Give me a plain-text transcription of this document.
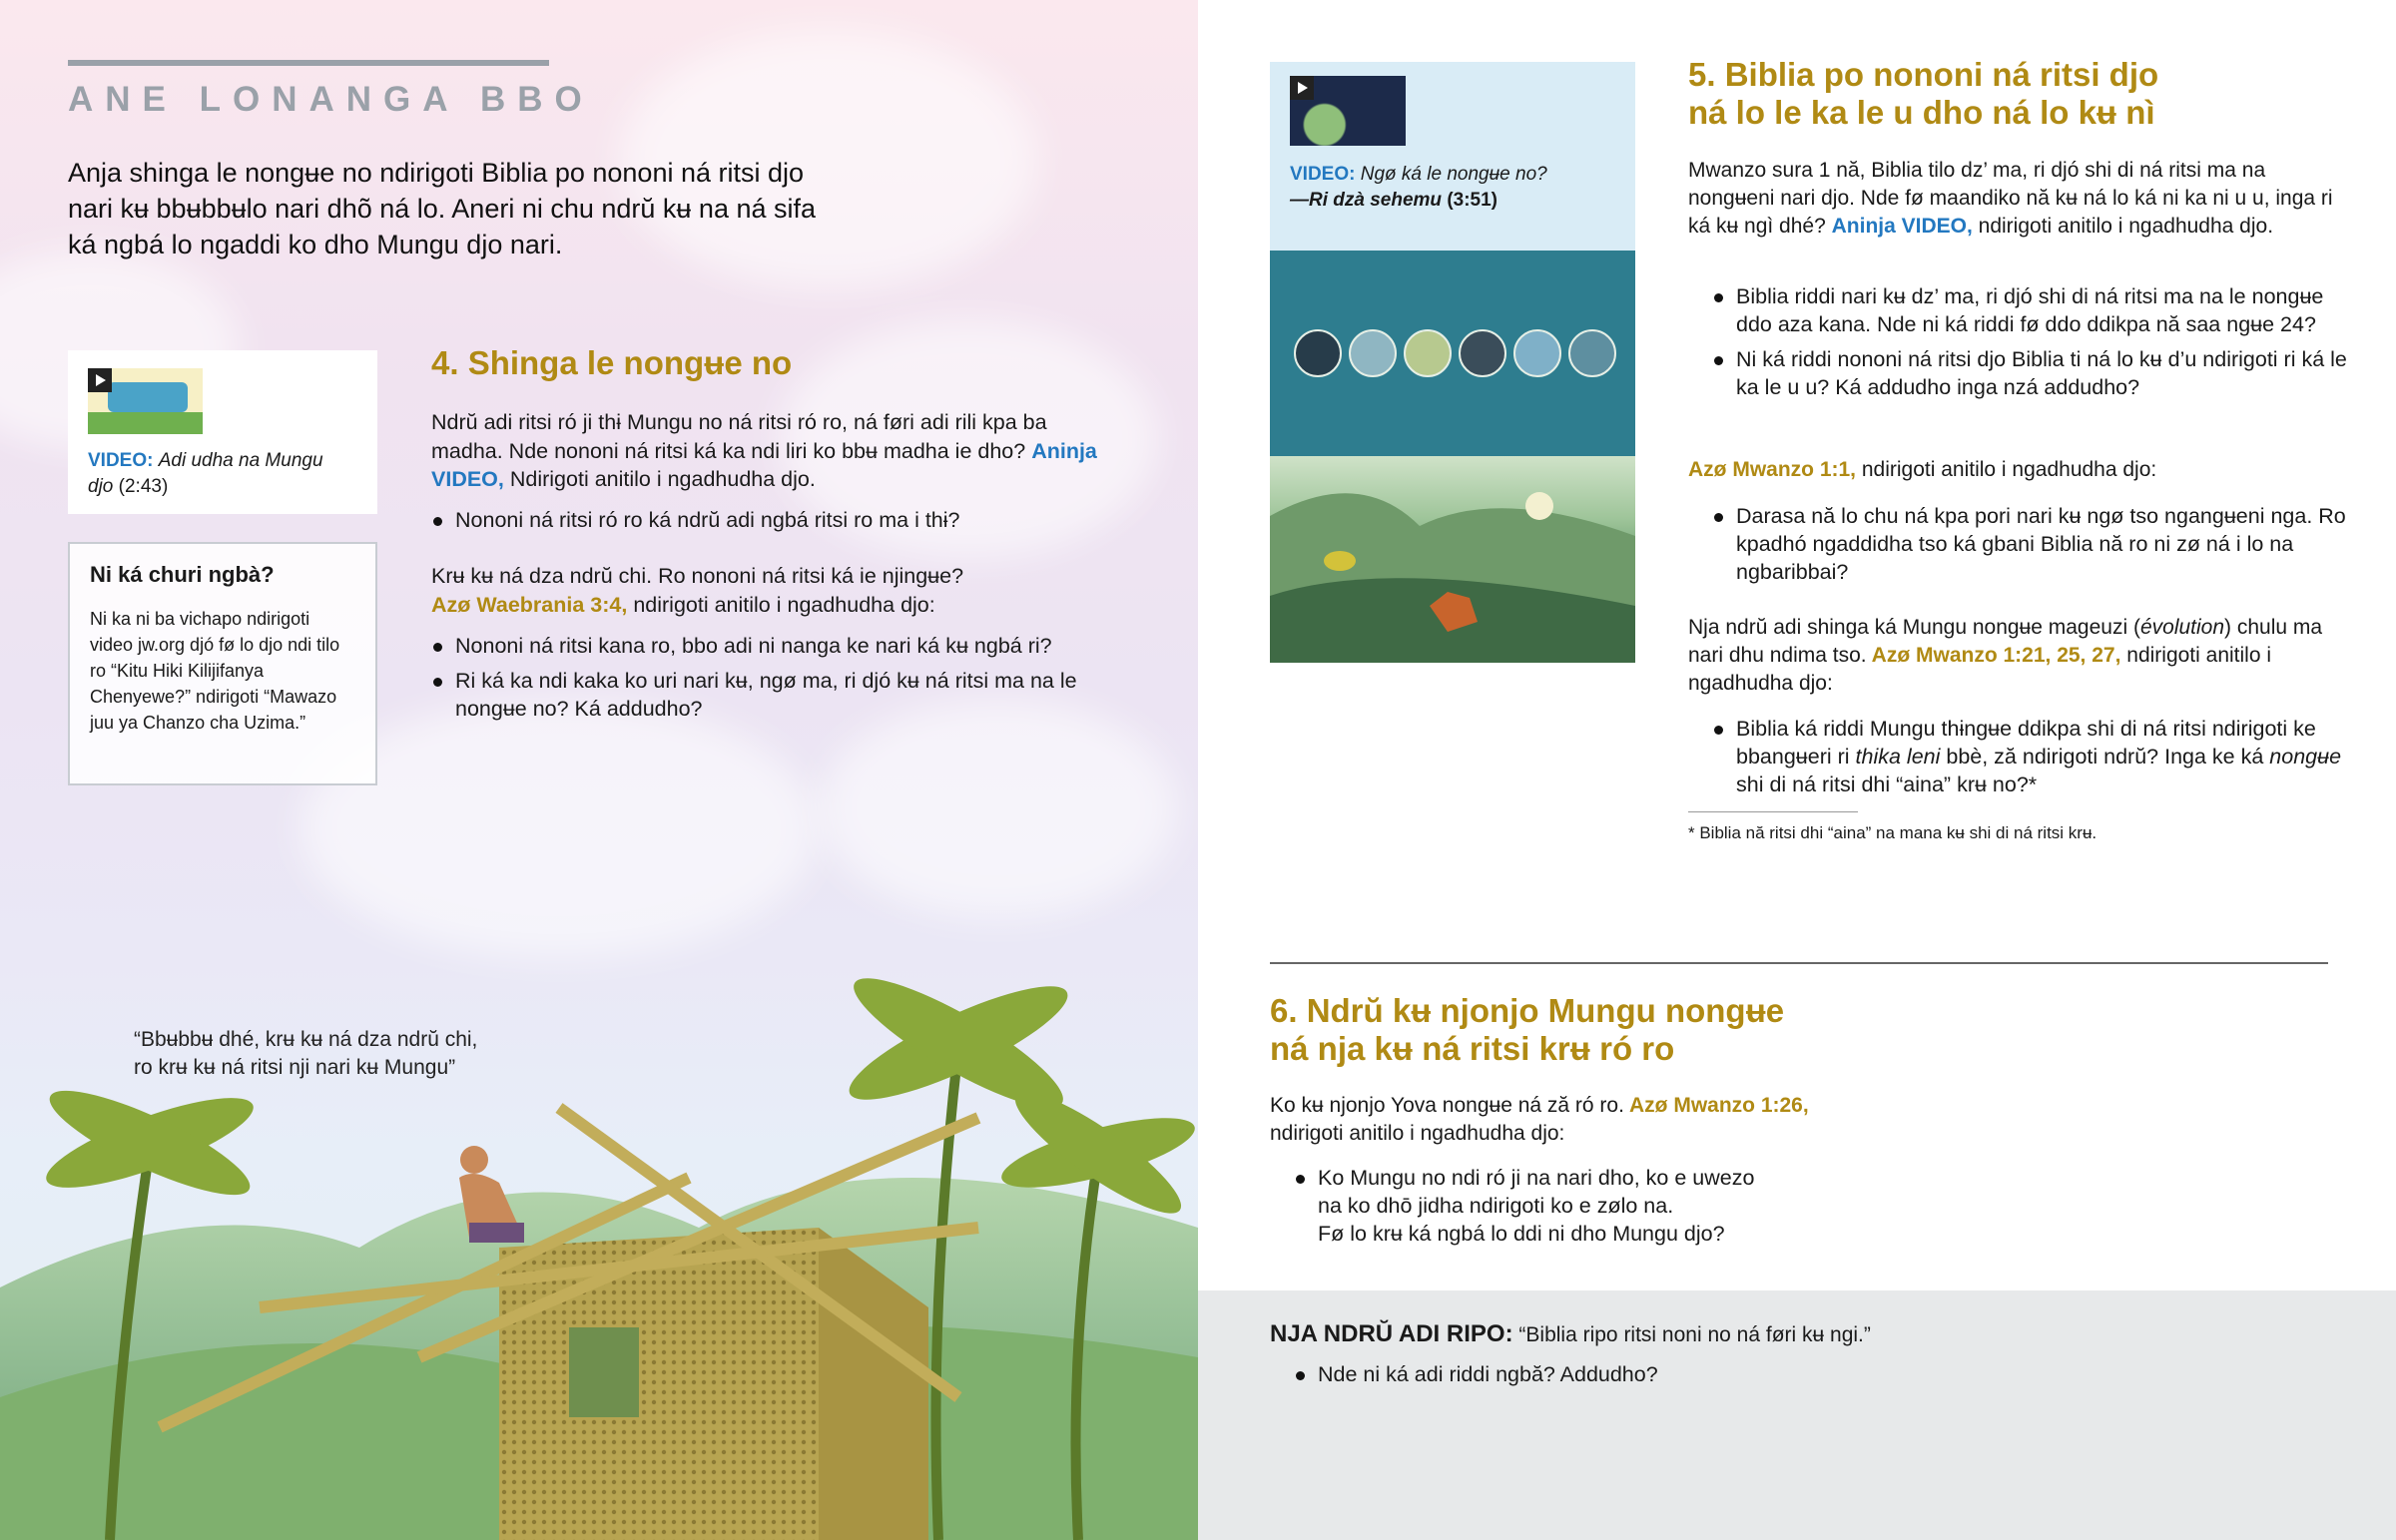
ANE LONANGA BBO
Anja shinga le nongʉe no ndirigoti Biblia po nononi ná ritsi djo nari kʉ bbʉbbʉlo nari dhõ ná lo. Aneri ni chu ndrŭ kʉ na ná sifa ká ngbá lo ngaddi ko dho Mungu djo nari.
VIDEO: Adi udha na Mungu djo (2:43)
Ni ká churi ngbà?
Ni ka ni ba vichapo ndirigoti video jw.org djó fø lo djo ndi tilo ro “Kitu Hiki Kilijifanya Chenyewe?” ndirigoti “Mawazo juu ya Chanzo cha Uzima.”
4. Shinga le nongʉe no
Ndrŭ adi ritsi ró ji thɨ Mungu no ná ritsi ró ro, ná føri adi rili kpa ba madha. Nde nononi ná ritsi ká ka ndi liri ko bbʉ madha ie dho? Aninja VIDEO, Ndirigoti anitilo i ngadhudha djo.
Nononi ná ritsi ró ro ká ndrŭ adi ngbá ritsi ro ma i thɨ?
Krʉ kʉ ná dza ndrŭ chi. Ro nononi ná ritsi ká ie njingʉe?
Azø Waebrania 3:4, ndirigoti anitilo i ngadhudha djo:
Nononi ná ritsi kana ro, bbo adi ni nanga ke nari ká kʉ ngbá ri?
Ri ká ka ndi kaka ko uri nari kʉ, ngø ma, ri djó kʉ ná ritsi ma na le nongʉe no? Ká addudho?
“Bbʉbbʉ dhé, krʉ kʉ ná dza ndrŭ chi,
ro krʉ kʉ ná ritsi nji nari kʉ Mungu”
VIDEO: Ngø ká le nongʉe no?
—Ri dzà sehemu (3:51)
5. Biblia po nononi ná ritsi djo
ná lo le ka le u dho ná lo kʉ nì
Mwanzo sura 1 nă, Biblia tilo dz’ ma, ri djó shi di ná ritsi ma na nongʉeni nari djo. Nde fø maandiko nă kʉ ná lo ká ni ka ni u u, inga ri ká kʉ ngì dhé? Aninja VIDEO, ndirigoti anitilo i ngadhudha djo.
Biblia riddi nari kʉ dz’ ma, ri djó shi di ná ritsi ma na le nongʉe ddo aza kana. Nde ni ká riddi fø ddo ddikpa nă saa ngʉe 24?
Ni ká riddi nononi ná ritsi djo Biblia ti ná lo kʉ d’u ndirigoti ri ká le ka le u u? Ká addudho inga nzá addudho?
Azø Mwanzo 1:1, ndirigoti anitilo i ngadhudha djo:
Darasa nă lo chu ná kpa pori nari kʉ ngø tso ngangʉeni nga. Ro kpadhó ngaddidha tso ká gbani Biblia nă ro ni zø ná i lo na ngbaribbai?
Nja ndrŭ adi shinga ká Mungu nongʉe mageuzi (évolution) chulu ma nari dhu ndima tso. Azø Mwanzo 1:21, 25, 27, ndirigoti anitilo i ngadhudha djo:
Biblia ká riddi Mungu thɨngʉe ddikpa shi di ná ritsi ndirigoti ke bbangʉeri ri thika leni bbè, ză ndirigoti ndrŭ? Inga ke ká nongʉe shi di ná ritsi dhi “aina” krʉ no?*
* Biblia nă ritsi dhi “aina” na mana kʉ shi di ná ritsi krʉ.
6. Ndrŭ kʉ njonjo Mungu nongʉe
ná nja kʉ ná ritsi krʉ ró ro
Ko kʉ njonjo Yova nongʉe ná ză ró ro. Azø Mwanzo 1:26,
ndirigoti anitilo i ngadhudha djo:
Ko Mungu no ndi ró ji na nari dho, ko e uwezo
na ko dhō jidha ndirigoti ko e zølo na.
Fø lo krʉ ká ngbá lo ddi ni dho Mungu djo?
NJA NDRŬ ADI RIPO: “Biblia ripo ritsi noni no ná føri kʉ ngi.”
Nde ni ká adi riddi ngbă? Addudho?
